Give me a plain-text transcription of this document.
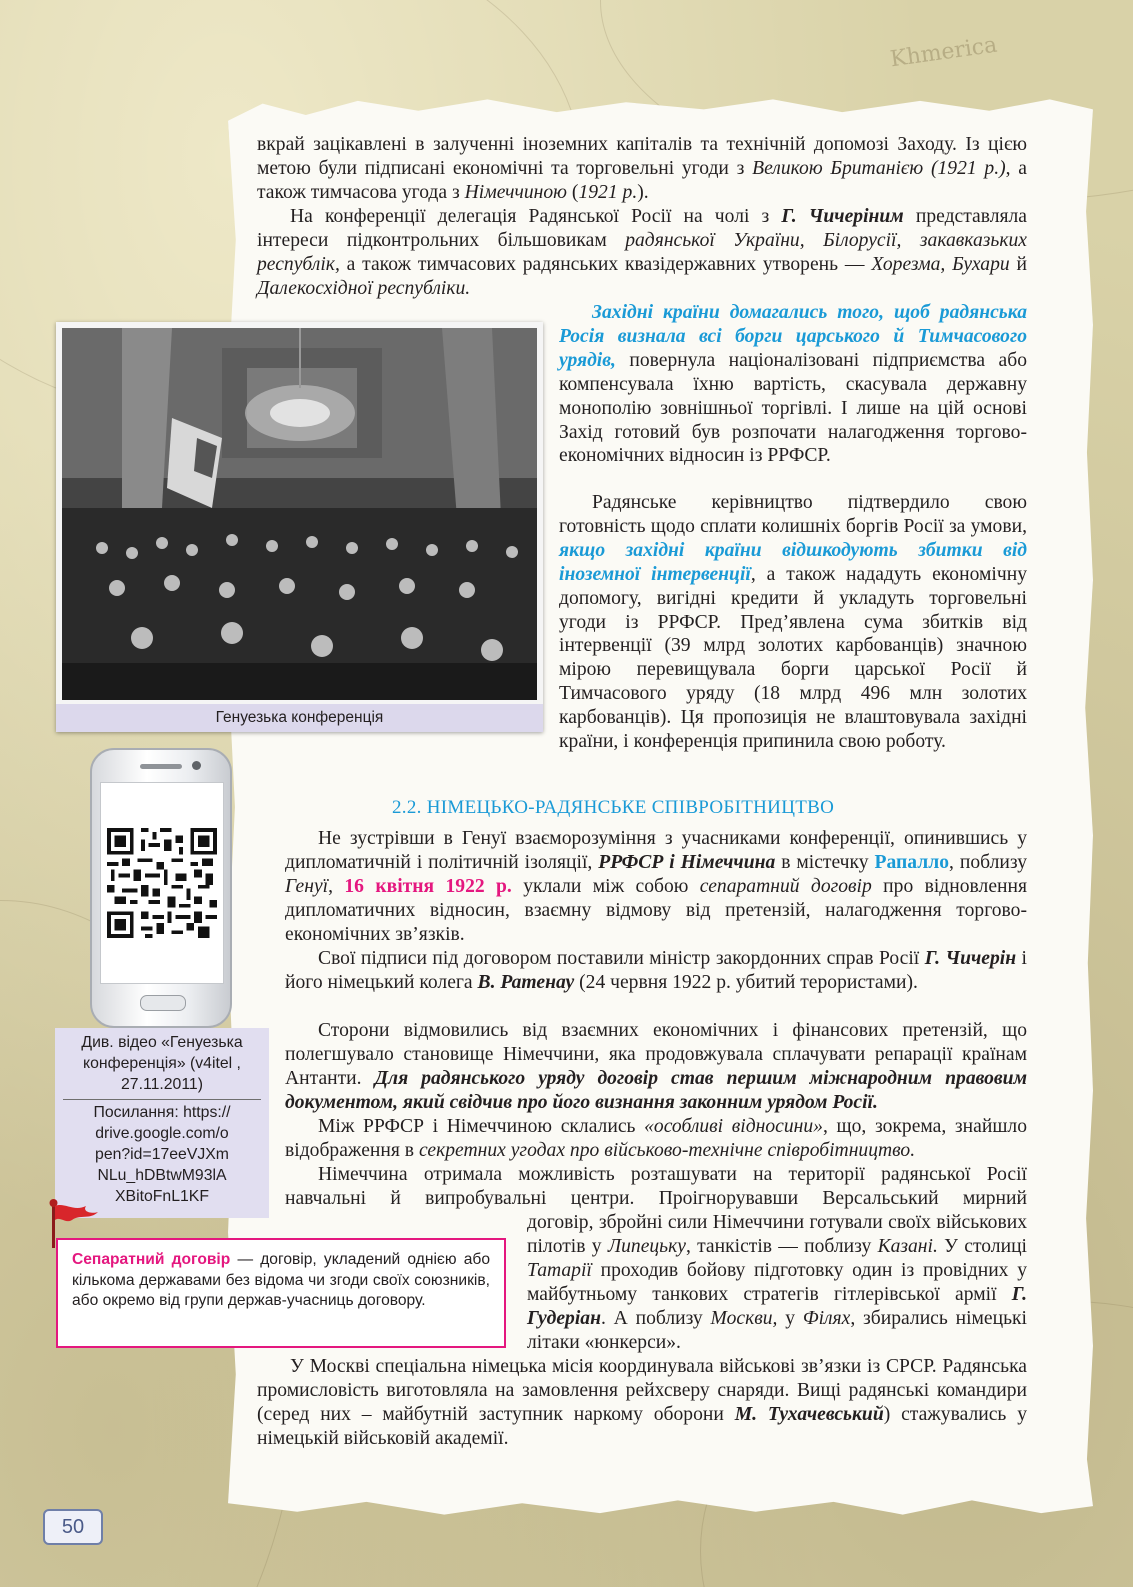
Khmerica

вкрай зацікавлені в залученні іноземних капіталів та технічній допомозі Заходу. Із цією метою були підписані економічні та торговельні угоди з Великою Британією (1921 р.), а також тимчасова угода з Німеччиною (1921 р.).

На конференції делегація Радянської Росії на чолі з Г. Чичеріним представляла інтереси підконтрольних більшовикам радянської України, Білорусії, закавказьких республік, а також тимчасових радянських квазідержавних утворень — Хорезма, Бухари й Далекосхідної республіки.

Генуезька конференція

Західні країни домагались того, щоб радянська Росія визнала всі борги царського й Тимчасового урядів, повернула націоналізовані підприємства або компенсувала їхню вартість, скасувала державну монополію зовнішньої торгівлі. І лише на цій основі Захід готовий був розпочати налагодження торгово-економічних відносин із РРФСР.

Радянське керівництво підтвердило свою готовність щодо сплати колишніх боргів Росії за умови, якщо західні країни відшкодують збитки від іноземної інтервенції, а також нададуть економічну допомогу, вигідні кредити й укладуть торговельні угоди із РРФСР. Пред’явлена сума збитків від інтервенції (39 млрд золотих карбованців) значною мірою перевищувала борги царської Росії й Тимчасового уряду (18 млрд 496 млн золотих карбованців). Ця пропозиція не влаштовувала західні країни, і конференція припинила свою роботу.

2.2. НІМЕЦЬКО-РАДЯНСЬКЕ СПІВРОБІТНИЦТВО
Див. відео «Генуезька конференція» (v4itel , 27.11.2011)
Посилання: https://drive.google.com/open?id=17eeVJXmNLu_hDBtwM93lAXBitoFnL1KF
Сепаратний договір — договір, укладений однією або кількома державами без відома чи згоди своїх союзників, або окремо від групи держав-учасниць договору.

Не зустрівши в Генуї взаєморозуміння з учасниками конференції, опинившись у дипломатичній і політичній ізоляції, РРФСР і Німеччина в містечку Рапалло, поблизу Генуї, 16 квітня 1922 р. уклали між собою сепаратний договір про відновлення дипломатичних відносин, взаємну відмову від претензій, налагодження торгово-економічних зв’язків.

Свої підписи під договором поставили міністр закордонних справ Росії Г. Чичерін і його німецький колега В. Ратенау (24 червня 1922 р. убитий терористами).

Сторони відмовились від взаємних економічних і фінансових претензій, що полегшувало становище Німеччини, яка продовжувала сплачувати репарації країнам Антанти. Для радянського уряду договір став першим міжнародним правовим документом, який свідчив про його визнання законним урядом Росії.

Між РРФСР і Німеччиною склались «особливі відносини», що, зокрема, знайшло відображення в секретних угодах про військово-технічне співробітництво.

Німеччина отримала можливість розташувати на території радянської Росії навчальні й випробувальні центри. Проігнорувавши Версальський мирний

договір, збройні сили Німеччини готували своїх військових пілотів у Липецьку, танкістів — поблизу Казані. У столиці Татарії проходив бойову підготовку один із провідних у майбутньому танкових стратегів гітлерівської армії Г. Гудеріан. А поблизу Москви, у Філях, збирались німецькі літаки «юнкерси».

У Москві спеціальна німецька місія координувала військові зв’язки із СРСР. Радянська промисловість виготовляла на замовлення рейхсверу снаряди. Вищі радянські командири (серед них – майбутній заступник наркому оборони М. Тухачевський) стажувались у німецькій військовій академії.

50
